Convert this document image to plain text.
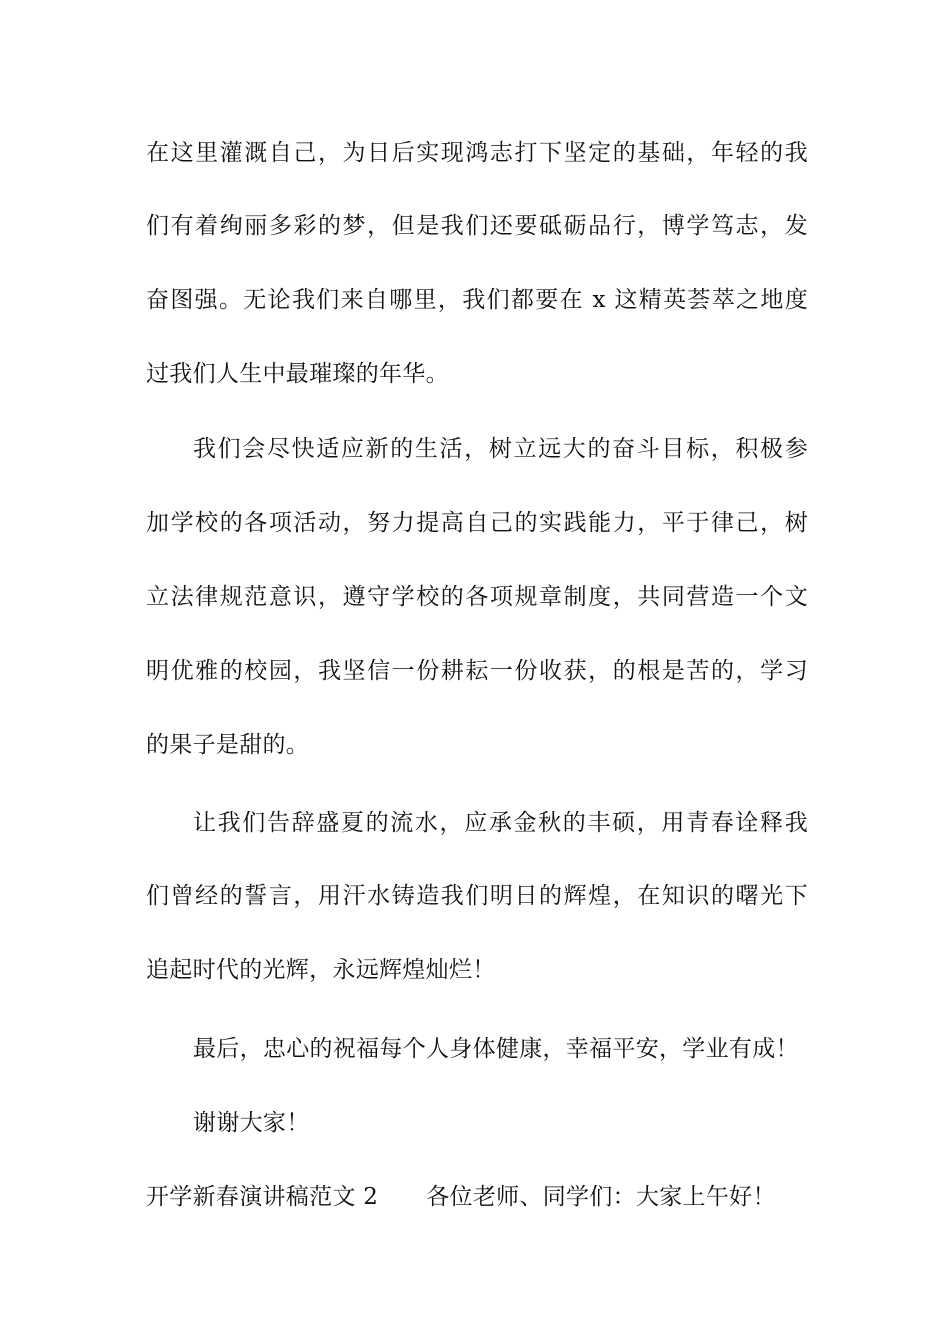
在这里灌溉自己，为日后实现鸿志打下坚定的基础，年轻的我
们有着绚丽多彩的梦，但是我们还要砥砺品行，博学笃志，发
奋图强。无论我们来自哪里，我们都要在 x 这精英荟萃之地度
过我们人生中最璀璨的年华。
我们会尽快适应新的生活，树立远大的奋斗目标，积极参
加学校的各项活动，努力提高自己的实践能力，平于律己，树
立法律规范意识，遵守学校的各项规章制度，共同营造一个文
明优雅的校园，我坚信一份耕耘一份收获，的根是苦的，学习
的果子是甜的。
让我们告辞盛夏的流水，应承金秋的丰硕，用青春诠释我
们曾经的誓言，用汗水铸造我们明日的辉煌，在知识的曙光下
追起时代的光辉，永远辉煌灿烂！
最后，忠心的祝福每个人身体健康，幸福平安，学业有成！
谢谢大家！
开学新春演讲稿范文 2 各位老师、同学们：大家上午好！
